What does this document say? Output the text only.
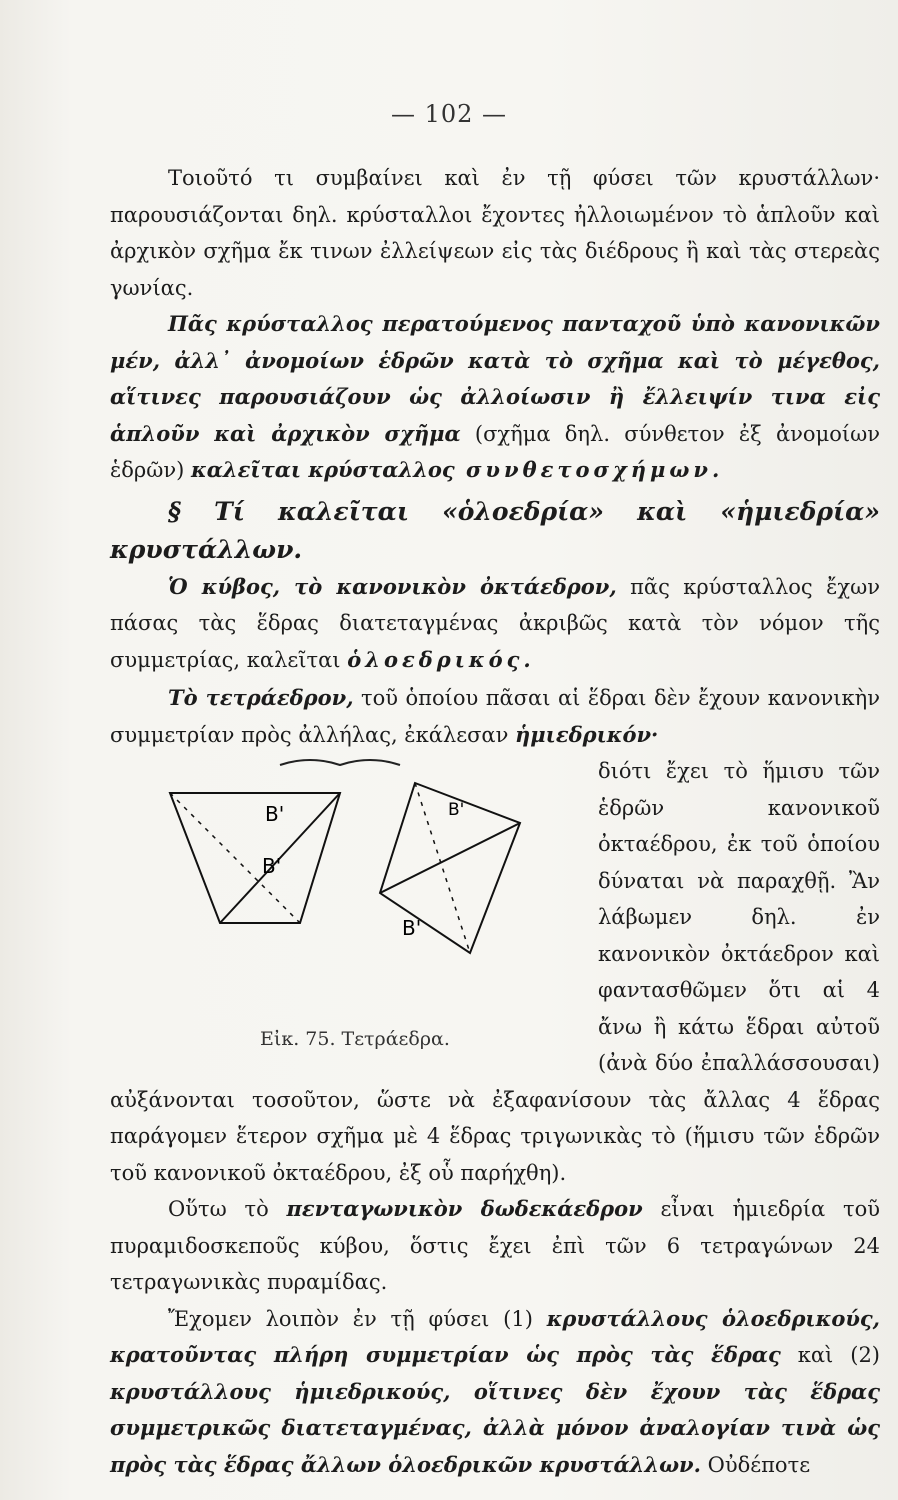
— 102 —

Τοιοῦτό τι συμβαίνει καὶ ἐν τῇ φύσει τῶν κρυστάλλων· παρουσιάζονται δηλ. κρύσταλλοι ἔχοντες ἠλλοιωμένον τὸ ἁπλοῦν καὶ ἀρχικὸν σχῆμα ἔκ τινων ἐλλείψεων εἰς τὰς διέδρους ἢ καὶ τὰς στερεὰς γωνίας.

Πᾶς κρύσταλλος περατούμενος πανταχοῦ ὑπὸ κανονικῶν μέν, ἀλλ᾽ ἀνομοίων ἑδρῶν κατὰ τὸ σχῆμα καὶ τὸ μέγεθος, αἵτινες παρουσιάζουν ὡς ἀλλοίωσιν ἢ ἔλλειψίν τινα εἰς ἁπλοῦν καὶ ἀρχικὸν σχῆμα (σχῆμα δηλ. σύνθετον ἐξ ἀνομοίων ἑδρῶν) καλεῖται κρύσταλλος συνθετοσχήμων.

§ Τί καλεῖται «ὁλοεδρία» καὶ «ἡμιεδρία» κρυστάλλων.

Ὁ κύβος, τὸ κανονικὸν ὀκτάεδρον, πᾶς κρύσταλλος ἔχων πάσας τὰς ἕδρας διατεταγμένας ἀκριβῶς κατὰ τὸν νόμον τῆς συμμετρίας, καλεῖται ὁλοεδρικός.

Τὸ τετράεδρον, τοῦ ὁποίου πᾶσαι αἱ ἕδραι δὲν ἔχουν κανονικὴν συμμετρίαν πρὸς ἀλλήλας, ἐκάλεσαν ἡμιεδρικόν·

Β'
Β'
Β'
Β'
Εἰκ. 75. Τετράεδρα.

διότι ἔχει τὸ ἥμισυ τῶν ἑδρῶν κανονικοῦ ὀκταέδρου, ἐκ τοῦ ὁποίου δύναται νὰ παραχθῇ. Ἂν λάβωμεν δηλ. ἐν κανονικὸν ὀκτάεδρον καὶ φαντασθῶμεν ὅτι αἱ 4 ἄνω ἢ κάτω ἕδραι αὐτοῦ (ἀνὰ δύο ἐπαλλάσσουσαι) αὐξάνονται τοσοῦτον, ὥστε νὰ ἐξαφανίσουν τὰς ἄλλας 4 ἕδρας παράγομεν ἕτερον σχῆμα μὲ 4 ἕδρας τριγωνικὰς τὸ (ἥμισυ τῶν ἑδρῶν τοῦ κανονικοῦ ὀκταέδρου, ἐξ οὗ παρήχθη).

Οὕτω τὸ πενταγωνικὸν δωδεκάεδρον εἶναι ἡμιεδρία τοῦ πυραμιδοσκεποῦς κύβου, ὅστις ἔχει ἐπὶ τῶν 6 τετραγώνων 24 τετραγωνικὰς πυραμίδας.

Ἔχομεν λοιπὸν ἐν τῇ φύσει (1) κρυστάλλους ὁλοεδρικούς, κρατοῦντας πλήρη συμμετρίαν ὡς πρὸς τὰς ἕδρας καὶ (2) κρυστάλλους ἡμιεδρικούς, οἵτινες δὲν ἔχουν τὰς ἕδρας συμμετρικῶς διατεταγμένας, ἀλλὰ μόνον ἀναλογίαν τινὰ ὡς πρὸς τὰς ἕδρας ἄλλων ὁλοεδρικῶν κρυστάλλων. Οὐδέποτε
